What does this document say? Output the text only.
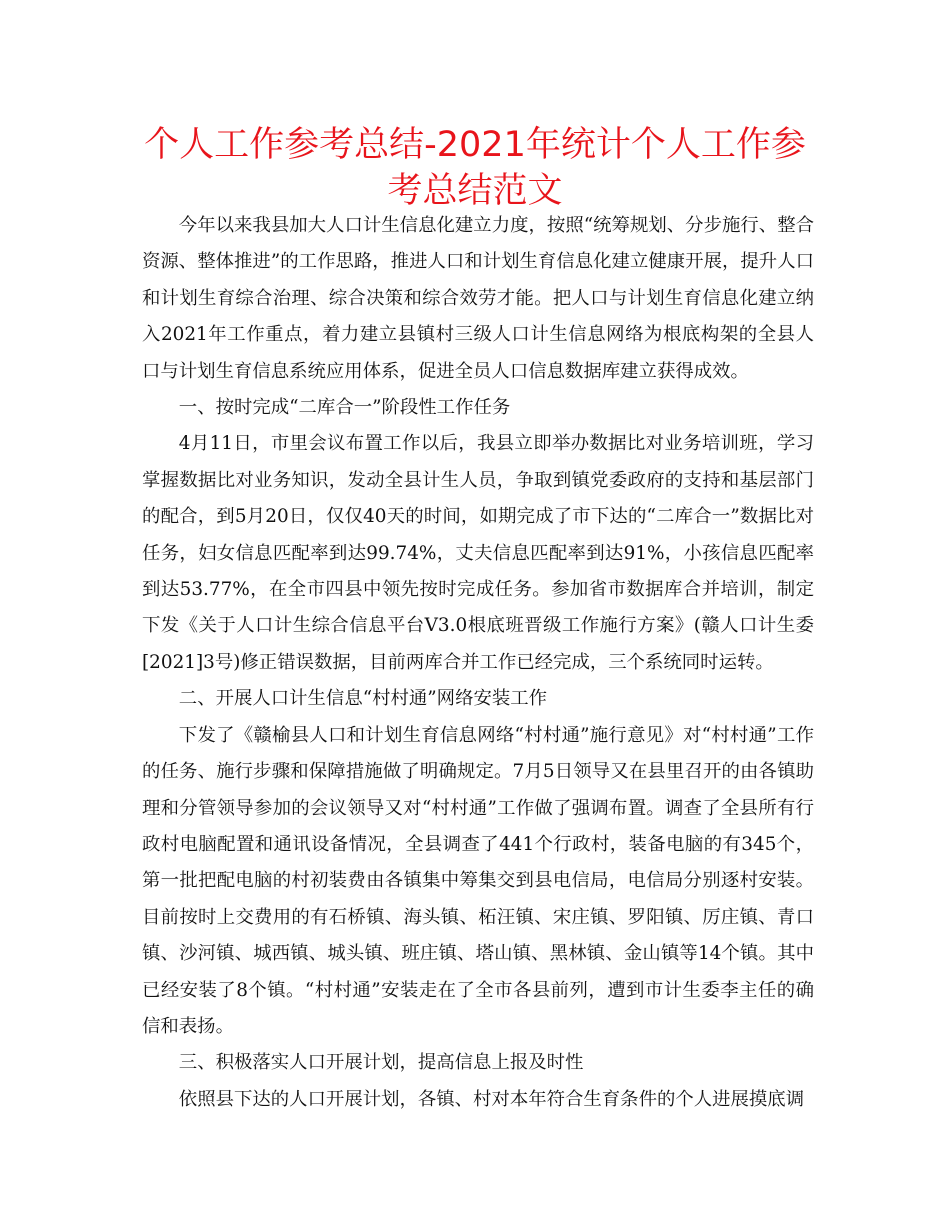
个人工作参考总结-2021年统计个人工作参考总结范文

今年以来我县加大人口计生信息化建立力度，按照“统筹规划、分步施行、整合资源、整体推进”的工作思路，推进人口和计划生育信息化建立健康开展，提升人口和计划生育综合治理、综合决策和综合效劳才能。把人口与计划生育信息化建立纳入2021年工作重点，着力建立县镇村三级人口计生信息网络为根底构架的全县人口与计划生育信息系统应用体系，促进全员人口信息数据库建立获得成效。

一、按时完成“二库合一”阶段性工作任务

4月11日，市里会议布置工作以后，我县立即举办数据比对业务培训班，学习掌握数据比对业务知识，发动全县计生人员，争取到镇党委政府的支持和基层部门的配合，到5月20日，仅仅40天的时间，如期完成了市下达的“二库合一”数据比对任务，妇女信息匹配率到达99.74%，丈夫信息匹配率到达91%，小孩信息匹配率到达53.77%，在全市四县中领先按时完成任务。参加省市数据库合并培训，制定下发《关于人口计生综合信息平台V3.0根底班晋级工作施行方案》(赣人口计生委[2021]3号)修正错误数据，目前两库合并工作已经完成，三个系统同时运转。

二、开展人口计生信息“村村通”网络安装工作

下发了《赣榆县人口和计划生育信息网络“村村通”施行意见》对“村村通”工作的任务、施行步骤和保障措施做了明确规定。7月5日领导又在县里召开的由各镇助理和分管领导参加的会议领导又对“村村通”工作做了强调布置。调查了全县所有行政村电脑配置和通讯设备情况，全县调查了441个行政村，装备电脑的有345个，第一批把配电脑的村初装费由各镇集中筹集交到县电信局，电信局分别逐村安装。目前按时上交费用的有石桥镇、海头镇、柘汪镇、宋庄镇、罗阳镇、厉庄镇、青口镇、沙河镇、城西镇、城头镇、班庄镇、塔山镇、黑林镇、金山镇等14个镇。其中已经安装了8个镇。“村村通”安装走在了全市各县前列，遭到市计生委李主任的确信和表扬。

三、积极落实人口开展计划，提高信息上报及时性

依照县下达的人口开展计划，各镇、村对本年符合生育条件的个人进展摸底调
